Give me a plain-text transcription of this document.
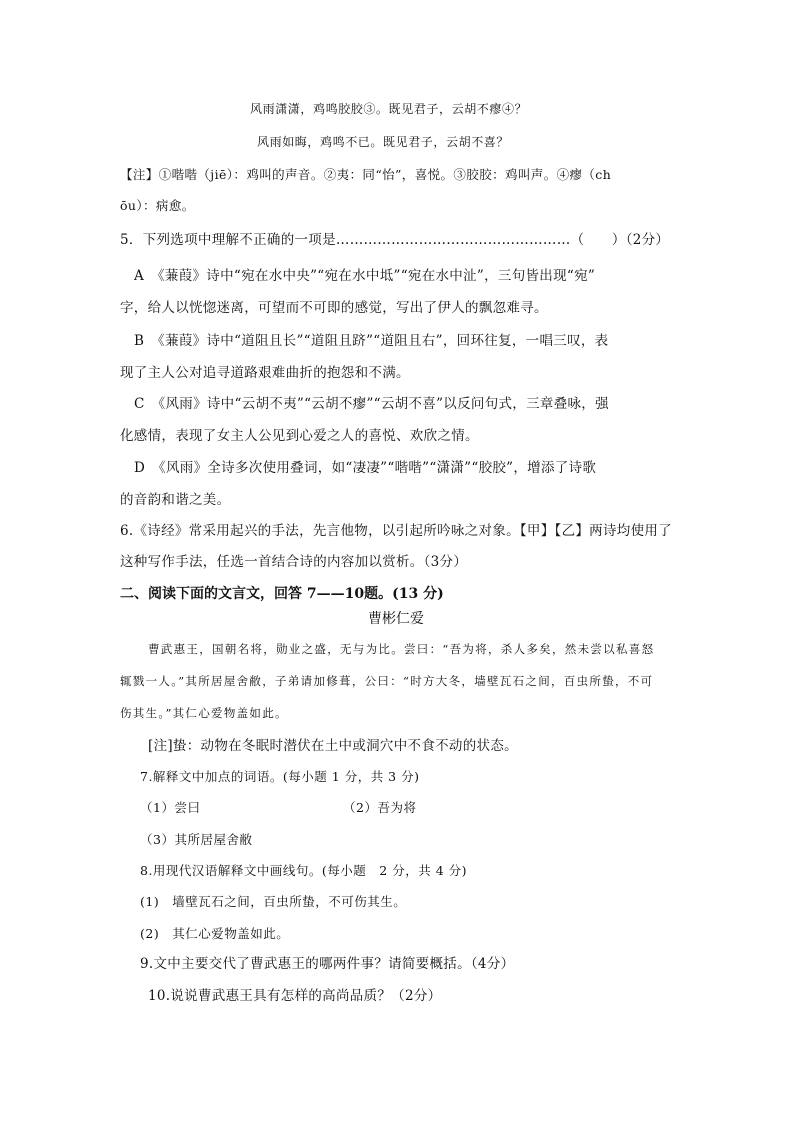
风雨潇潇，鸡鸣胶胶③。既见君子，云胡不瘳④？
风雨如晦，鸡鸣不已。既见君子，云胡不喜？
【注】①喈喈（jiē）：鸡叫的声音。②夷：同“怡”，喜悦。③胶胶：鸡叫声。④瘳（ch
ōu）：病愈。
5．下列选项中理解不正确的一项是……………………………………………（　　）（2分）
A　《蒹葭》诗中“宛在水中央”“宛在水中坻”“宛在水中沚”，三句皆出现“宛”
字，给人以恍惚迷离，可望而不可即的感觉，写出了伊人的飘忽难寻。
B　《蒹葭》诗中“道阻且长”“道阻且跻”“道阻且右”，回环往复，一唱三叹，表
现了主人公对追寻道路艰难曲折的抱怨和不满。
C　《风雨》诗中“云胡不夷”“云胡不瘳”“云胡不喜”以反问句式，三章叠咏，强
化感情，表现了女主人公见到心爱之人的喜悦、欢欣之情。
D　《风雨》全诗多次使用叠词，如“凄凄”“喈喈”“潇潇”“胶胶”，增添了诗歌
的音韵和谐之美。
6.《诗经》常采用起兴的手法，先言他物，以引起所吟咏之对象。【甲】【乙】两诗均使用了
这种写作手法，任选一首结合诗的内容加以赏析。（3分）
二、阅读下面的文言文，回答 7——10题。(13 分)
曹彬仁爱
曹武惠王，国朝名将，勋业之盛，无与为比。尝曰：“吾为将，杀人多矣，然未尝以私喜怒
辄戮一人。”其所居屋舍敝，子弟请加修葺，公曰：“时方大冬，墙壁瓦石之间，百虫所蛰，不可
伤其生。”其仁心爱物盖如此。
[注]蛰：动物在冬眠时潜伏在土中或洞穴中不食不动的状态。
7.解释文中加点的词语。(每小题 1 分，共 3 分)
（1）尝曰	（2）吾为将
（3）其所居屋舍敝
8.用现代汉语解释文中画线句。(每小题　2 分，共 4 分)
(1)　墙壁瓦石之间，百虫所蛰，不可伤其生。
(2)　其仁心爱物盖如此。
9.文中主要交代了曹武惠王的哪两件事？请简要概括。（4分）
10.说说曹武惠王具有怎样的高尚品质？（2分）
